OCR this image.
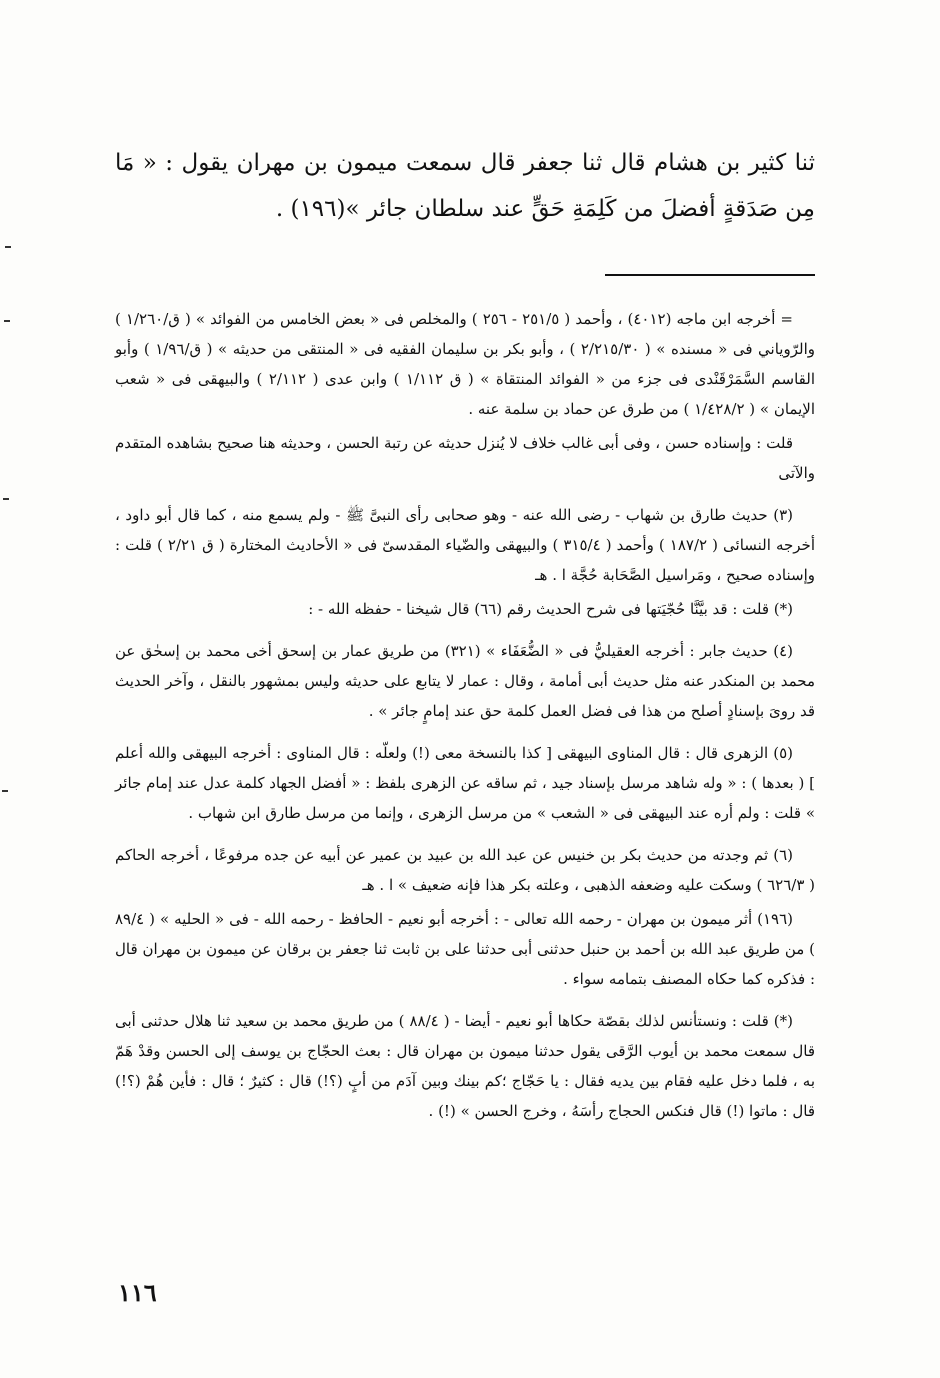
ثنا كثير بن هشام قال ثنا جعفر قال سمعت ميمون بن مهران يقول : « مَا مِن صَدَقةٍ أفضلَ من كَلِمَةِ حَقٍّ عند سلطان جائر »(١٩٦) .

= أخرجه ابن ماجه (٤٠١٢) ، وأحمد ( ٢٥١/٥ - ٢٥٦ ) والمخلص فى « بعض الخامس من الفوائد » ( ق/١/٢٦٠ ) والرّوياني فى « مسنده » ( ٢/٢١٥/٣٠ ) ، وأبو بكر بن سليمان الفقيه فى « المنتقى من حديثه » ( ق/١/٩٦ ) وأبو القاسم السَّمَرْقَنْدى فى جزء من « الفوائد المنتقاة » ( ق ١/١١٢ ) وابن عدى ( ٢/١١٢ ) والبيهقى فى « شعب الإيمان » ( ١/٤٢٨/٢ ) من طرق عن حماد بن سلمة عنه .

قلت : وإسناده حسن ، وفى أبى غالب خلاف لا يُنزل حديثه عن رتبة الحسن ، وحديثه هنا صحيح بشاهده المتقدم والآتى

(٣) حديث طارق بن شهاب - رضى الله عنه - وهو صحابى رأى النبىَّ ﷺ - ولم يسمع منه ، كما قال أبو داود ، أخرجه النسائى ( ١٨٧/٢ ) وأحمد ( ٣١٥/٤ ) والبيهقى والضّياء المقدسىّ فى « الأحاديث المختارة ( ق ٢/٢١ ) قلت : وإسناده صحيح ، ومَراسيل الصَّحَابة حُجَّة ا . هـ

(*) قلت : قد بيَّنَّا حُجّيَتها فى شرح الحديث رقم (٦٦) قال شيخنا - حفظه الله - :

(٤) حديث جابر : أخرجه العقيليُّ فى « الضُّعَفَاء » (٣٢١) من طريق عمار بن إسحق أخى محمد بن إسحٰق عن محمد بن المنكدر عنه مثل حديث أبى أمامة ، وقال : عمار لا يتابع على حديثه وليس بمشهور بالنقل ، وآخر الحديث قد روىَ بإسنادٍ أصلح من هذا فى فضل العمل كلمة حق عند إمامٍ جائر » .

(٥) الزهرى قال : قال المناوى البيهقى [ كذا بالنسخة معى (!) ولعلّه : قال المناوى : أخرجه البيهقى والله أعلم ] ( بعدها ) : « وله شاهد مرسل بإسناد جيد ، ثم ساقه عن الزهرى بلفظ : « أفضل الجهاد كلمة عدل عند إمام جائر » قلت : ولم أره عند البيهقى فى « الشعب » من مرسل الزهرى ، وإنما من مرسل طارق ابن شهاب .

(٦) ثم وجدته من حديث بكر بن خنيس عن عبد الله بن عبيد بن عمير عن أبيه عن جده مرفوعًا ، أخرجه الحاكم ( ٦٢٦/٣ ) وسكت عليه وضعفه الذهبى ، وعلته بكر هذا فإنه ضعيف » ا . هـ

(١٩٦) أثر ميمون بن مهران - رحمه الله تعالى - : أخرجه أبو نعيم - الحافظ - رحمه الله - فى « الحليه » ( ٨٩/٤ ) من طريق عبد الله بن أحمد بن حنبل حدثنى أبى حدثنا على بن ثابت ثنا جعفر بن برقان عن ميمون بن مهران قال : فذكره كما حكاه المصنف بتمامه سواء .

(*) قلت : ونستأنس لذلك بقصّة حكاها أبو نعيم - أيضا - ( ٨٨/٤ ) من طريق محمد بن سعيد ثنا هلال حدثنى أبى قال سمعت محمد بن أيوب الرَّقى يقول حدثنا ميمون بن مهران قال : بعث الحجّاج بن يوسف إلى الحسن وقدْ هَمّ به ، فلما دخل عليه فقام بين يديه فقال : يا حَجّاج ؛كم بينك وبين آدَم من أبٍ (؟!) قال : كثيرٌ ؛ قال : فأين هُمْ (؟!) قال : ماتوا (!) قال فنكس الحجاج رأسَهُ ، وخرج الحسن » (!) .

١١٦
